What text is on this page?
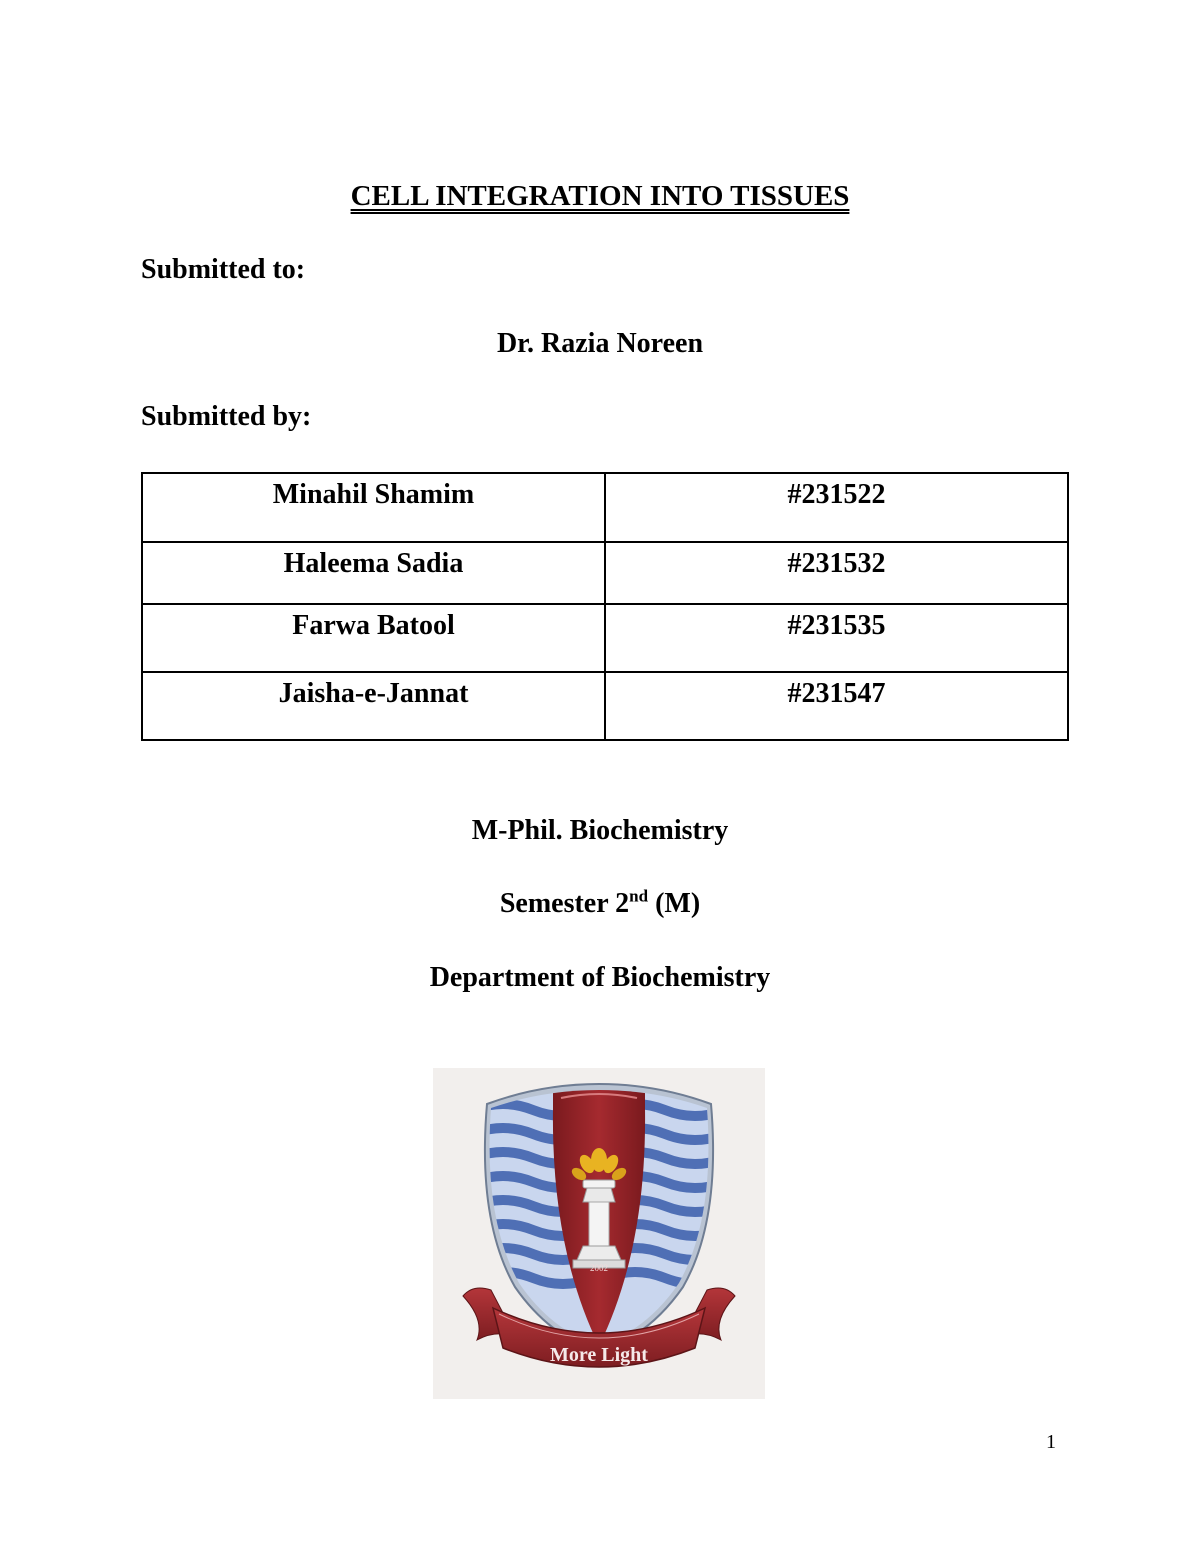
CELL INTEGRATION INTO TISSUES
Submitted to:
Dr. Razia Noreen
Submitted by:
Minahil Shamim	#231522
Haleema Sadia	#231532
Farwa Batool	#231535
Jaisha-e-Jannat	#231547
M-Phil. Biochemistry
Semester 2nd (M)
Department of Biochemistry
2002
More Light
1
